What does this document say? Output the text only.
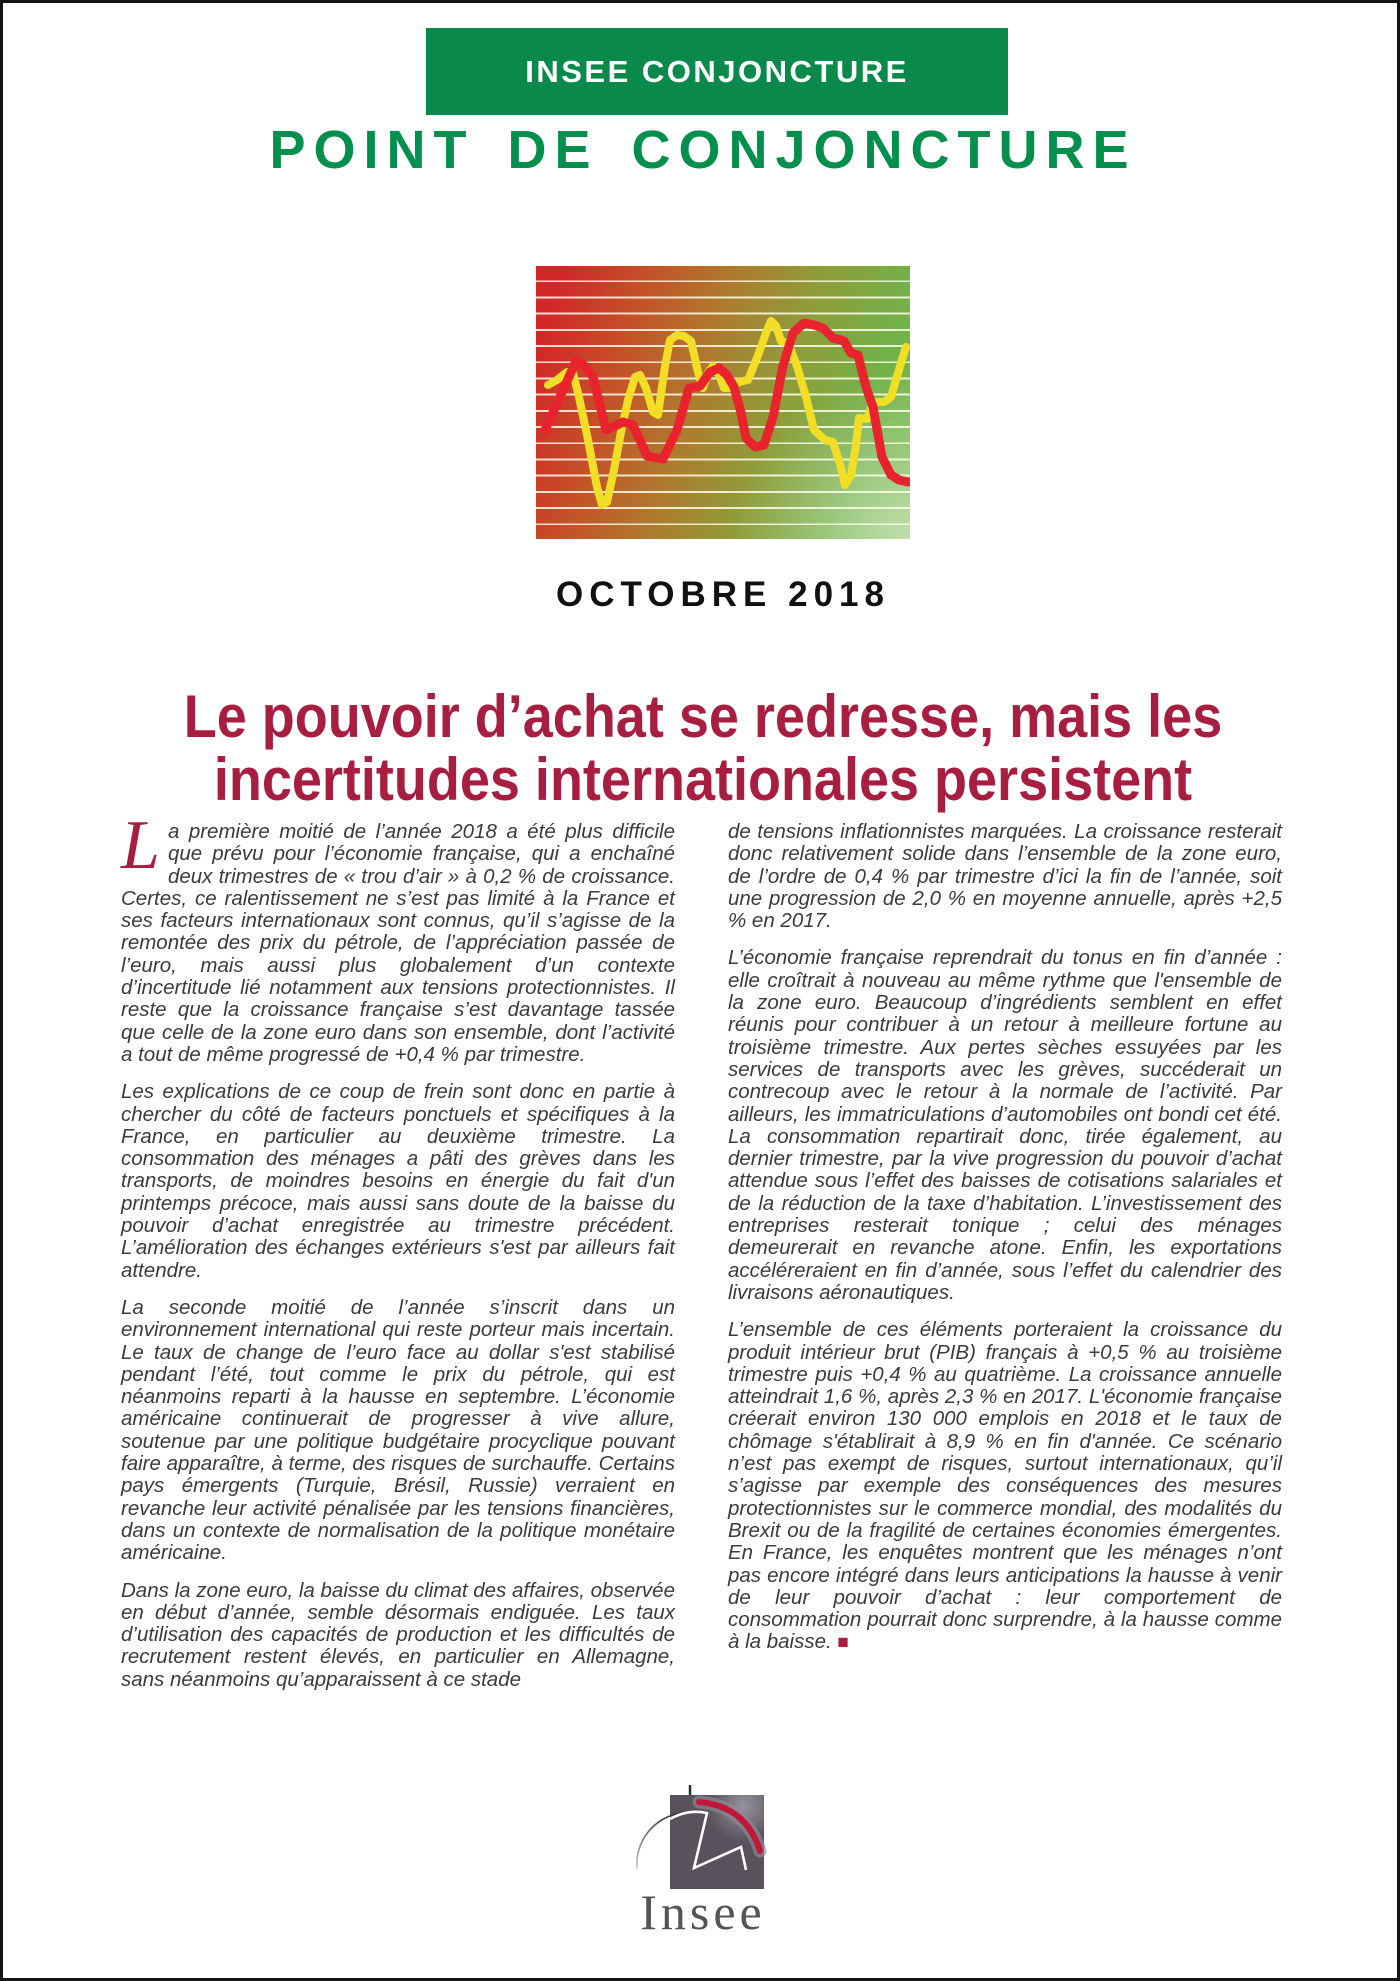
INSEE CONJONCTURE
POINT DE CONJONCTURE
OCTOBRE 2018
Le pouvoir d’achat se redresse, mais les
incertitudes internationales persistent

La première moitié de l’année 2018 a été plus difficile que prévu pour l’économie française, qui a enchaîné deux trimestres de « trou d’air » à 0,2 % de croissance. Certes, ce ralentissement ne s’est pas limité à la France et ses facteurs internationaux sont connus, qu’il s’agisse de la remontée des prix du pétrole, de l’appréciation passée de l’euro, mais aussi plus globalement d’un contexte d’incertitude lié notamment aux tensions protectionnistes. Il reste que la croissance française s’est davantage tassée que celle de la zone euro dans son ensemble, dont l’activité a tout de même progressé de +0,4 % par trimestre.

Les explications de ce coup de frein sont donc en partie à chercher du côté de facteurs ponctuels et spécifiques à la France, en particulier au deuxième trimestre. La consommation des ménages a pâti des grèves dans les transports, de moindres besoins en énergie du fait d'un printemps précoce, mais aussi sans doute de la baisse du pouvoir d’achat enregistrée au trimestre précédent. L’amélioration des échanges extérieurs s'est par ailleurs fait attendre.

La seconde moitié de l’année s’inscrit dans un environnement international qui reste porteur mais incertain. Le taux de change de l’euro face au dollar s'est stabilisé pendant l’été, tout comme le prix du pétrole, qui est néanmoins reparti à la hausse en septembre. L’économie américaine continuerait de progresser à vive allure, soutenue par une politique budgétaire procyclique pouvant faire apparaître, à terme, des risques de surchauffe. Certains pays émergents (Turquie, Brésil, Russie) verraient en revanche leur activité pénalisée par les tensions financières, dans un contexte de normalisation de la politique monétaire américaine.

Dans la zone euro, la baisse du climat des affaires, observée en début d’année, semble désormais endiguée. Les taux d’utilisation des capacités de production et les difficultés de recrutement restent élevés, en particulier en Allemagne, sans néanmoins qu’apparaissent à ce stade

de tensions inflationnistes marquées. La croissance resterait donc relativement solide dans l’ensemble de la zone euro, de l’ordre de 0,4 % par trimestre d’ici la fin de l’année, soit une progression de 2,0 % en moyenne annuelle, après +2,5 % en 2017.

L’économie française reprendrait du tonus en fin d’année : elle croîtrait à nouveau au même rythme que l'ensemble de la zone euro. Beaucoup d’ingrédients semblent en effet réunis pour contribuer à un retour à meilleure fortune au troisième trimestre. Aux pertes sèches essuyées par les services de transports avec les grèves, succéderait un contrecoup avec le retour à la normale de l’activité. Par ailleurs, les immatriculations d’automobiles ont bondi cet été. La consommation repartirait donc, tirée également, au dernier trimestre, par la vive progression du pouvoir d’achat attendue sous l’effet des baisses de cotisations salariales et de la réduction de la taxe d’habitation. L’investissement des entreprises resterait tonique ; celui des ménages demeurerait en revanche atone. Enfin, les exportations accéléreraient en fin d’année, sous l’effet du calendrier des livraisons aéronautiques.

L’ensemble de ces éléments porteraient la croissance du produit intérieur brut (PIB) français à +0,5 % au troisième trimestre puis +0,4 % au quatrième. La croissance annuelle atteindrait 1,6 %, après 2,3 % en 2017. L'économie française créerait environ 130 000 emplois en 2018 et le taux de chômage s'établirait à 8,9 % en fin d'année. Ce scénario n’est pas exempt de risques, surtout internationaux, qu’il s’agisse par exemple des conséquences des mesures protectionnistes sur le commerce mondial, des modalités du Brexit ou de la fragilité de certaines économies émergentes. En France, les enquêtes montrent que les ménages n’ont pas encore intégré dans leurs anticipations la hausse à venir de leur pouvoir d’achat : leur comportement de consommation pourrait donc surprendre, à la hausse comme à la baisse. ■

Insee
